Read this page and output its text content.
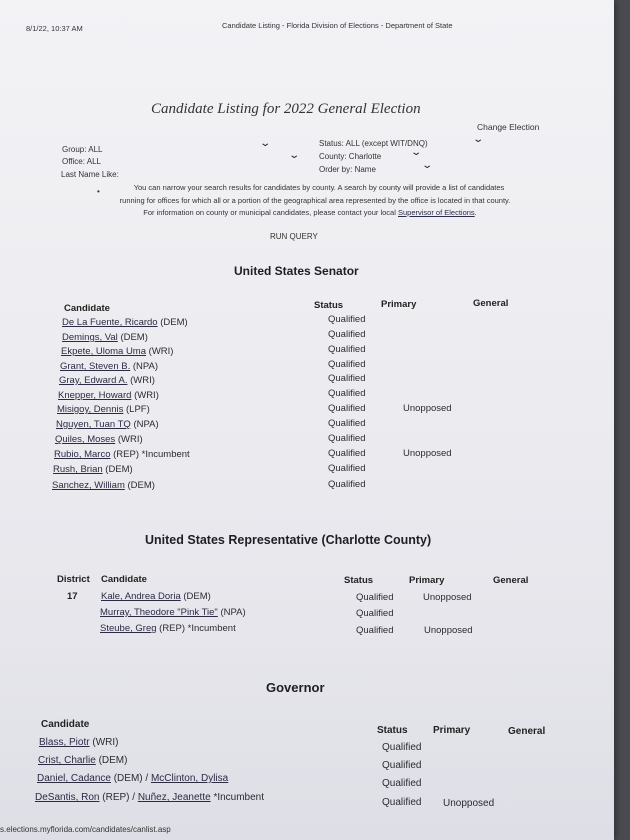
8/1/22, 10:37 AM	Candidate Listing - Florida Division of Elections - Department of State
Candidate Listing for 2022 General Election
Change Election
Group: ALL
⌄
Office: ALL
⌄
Last Name Like:
Status: ALL (except WIT/DNQ)	⌄
County: Charlotte	⌄
Order by: Name	⌄
•	You can narrow your search results for candidates by county. A search by county will provide a list of candidates
running for offices for which all or a portion of the geographical area represented by the office is located in that county.
For information on county or municipal candidates, please contact your local Supervisor of Elections.
RUN QUERY
United States Senator
Candidate	Status	Primary	General
De La Fuente, Ricardo (DEM)	Qualified
Demings, Val (DEM)	Qualified
Ekpete, Uloma Uma (WRI)	Qualified
Grant, Steven B. (NPA)	Qualified
Gray, Edward A. (WRI)	Qualified
Knepper, Howard (WRI)	Qualified
Misigoy, Dennis (LPF)	Qualified	Unopposed
Nguyen, Tuan TQ (NPA)	Qualified
Quiles, Moses (WRI)	Qualified
Rubio, Marco (REP) *Incumbent	Qualified	Unopposed
Rush, Brian (DEM)	Qualified
Sanchez, William (DEM)	Qualified
United States Representative (Charlotte County)
District Candidate	Status	Primary	General
17 Kale, Andrea Doria (DEM)	Qualified	Unopposed
Murray, Theodore "Pink Tie" (NPA)	Qualified
Steube, Greg (REP) *Incumbent	Qualified	Unopposed
Governor
Candidate
Status	Primary	General
Blass, Piotr (WRI)	Qualified
Crist, Charlie (DEM)	Qualified
Daniel, Cadance (DEM) / McClinton, Dylisa	Qualified
DeSantis, Ron (REP) / Nuñez, Jeanette *Incumbent	Qualified Unopposed
s.elections.myflorida.com/candidates/canlist.asp
